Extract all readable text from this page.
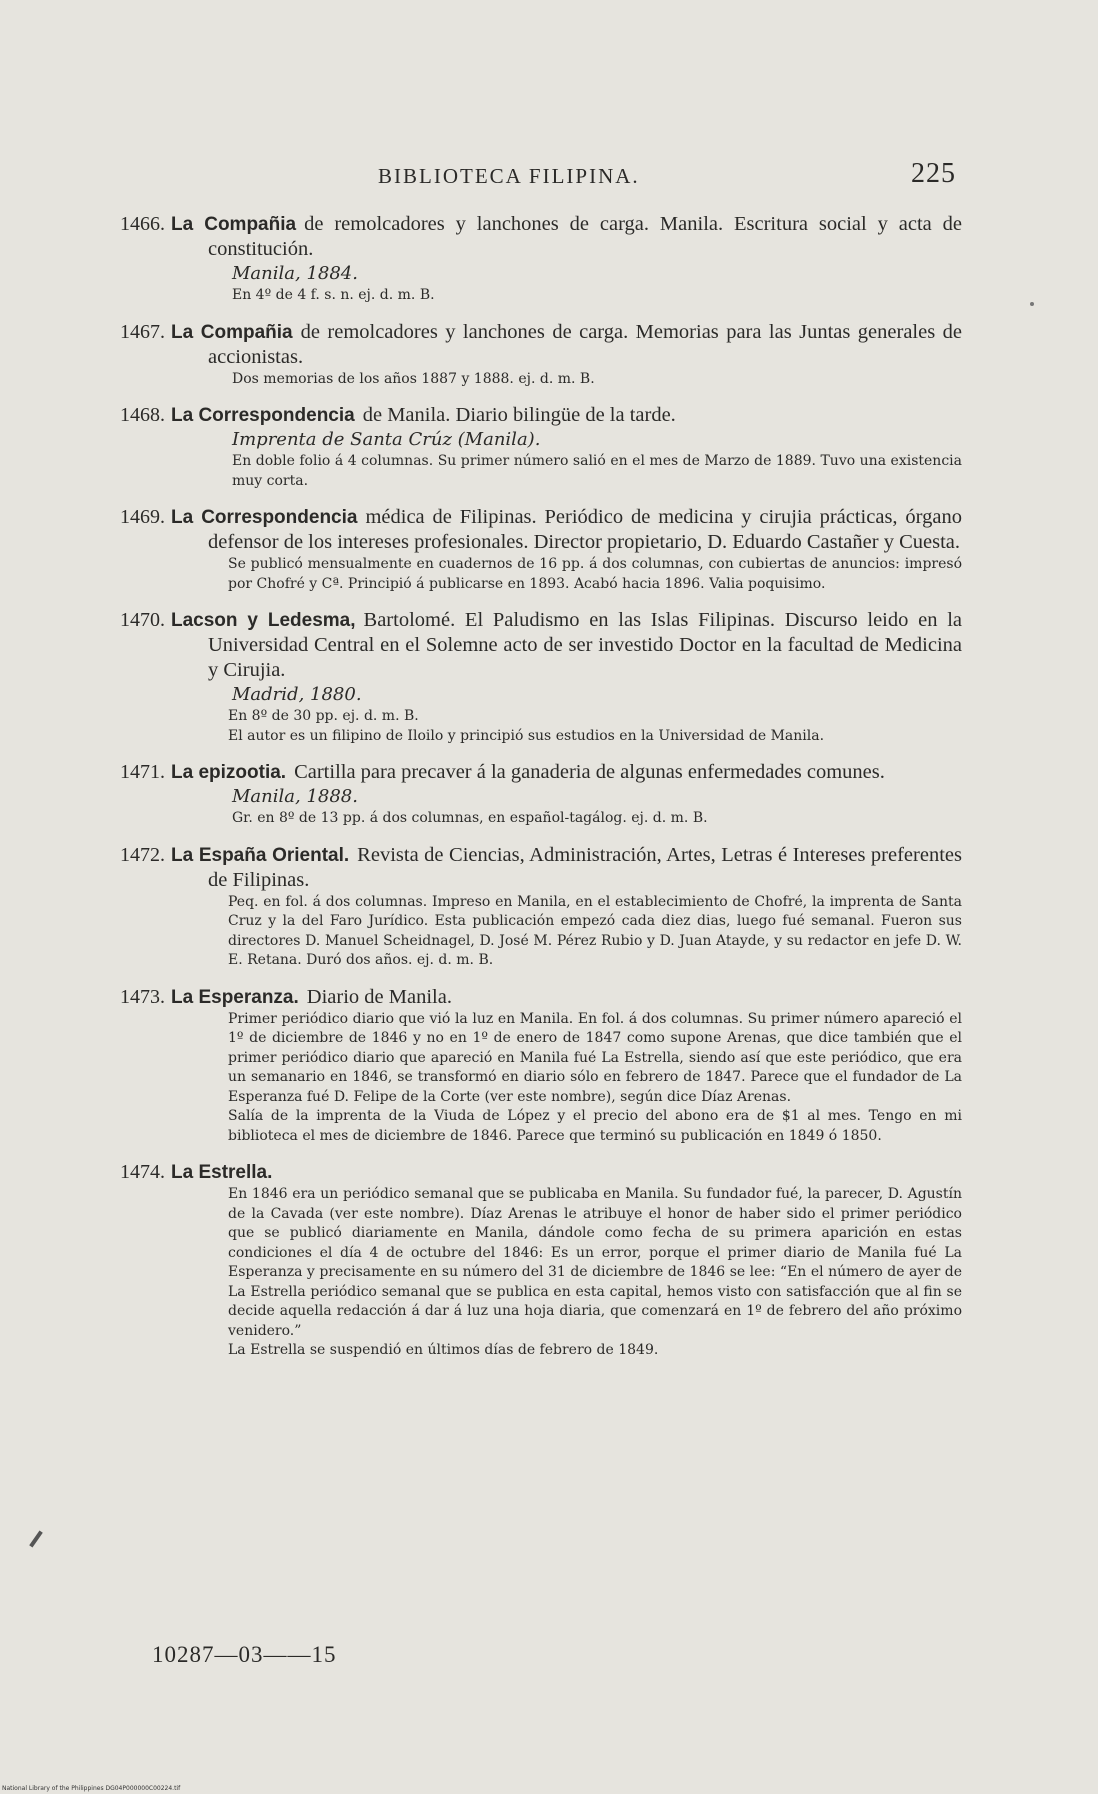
BIBLIOTECA FILIPINA.	225
1466. La Compañia de remolcadores y lanchones de carga. Manila. Escritura social y acta de constitución.
Manila, 1884.
En 4º de 4 f. s. n. ej. d. m. B.
1467. La Compañia de remolcadores y lanchones de carga. Memorias para las Juntas generales de accionistas.
Dos memorias de los años 1887 y 1888. ej. d. m. B.
1468. La Correspondencia de Manila. Diario bilingüe de la tarde.
Imprenta de Santa Crúz (Manila).
En doble folio á 4 columnas. Su primer número salió en el mes de Marzo de 1889. Tuvo una existencia muy corta.
1469. La Correspondencia médica de Filipinas. Periódico de medicina y cirujia prácticas, órgano defensor de los intereses profesionales. Director propietario, D. Eduardo Castañer y Cuesta.
Se publicó mensualmente en cuadernos de 16 pp. á dos columnas, con cubiertas de anuncios: impresó por Chofré y Cª. Principió á publicarse en 1893. Acabó hacia 1896. Valia poquisimo.
1470. Lacson y Ledesma, Bartolomé. El Paludismo en las Islas Filipinas. Discurso leido en la Universidad Central en el Solemne acto de ser investido Doctor en la facultad de Medicina y Cirujia.
Madrid, 1880.
En 8º de 30 pp. ej. d. m. B.
El autor es un filipino de Iloilo y principió sus estudios en la Universidad de Manila.
1471. La epizootia. Cartilla para precaver á la ganaderia de algunas enfermedades comunes.
Manila, 1888.
Gr. en 8º de 13 pp. á dos columnas, en español-tagálog. ej. d. m. B.
1472. La España Oriental. Revista de Ciencias, Administración, Artes, Letras é Intereses preferentes de Filipinas.
Peq. en fol. á dos columnas. Impreso en Manila, en el establecimiento de Chofré, la imprenta de Santa Cruz y la del Faro Jurídico. Esta publicación empezó cada diez dias, luego fué semanal. Fueron sus directores D. Manuel Scheidnagel, D. José M. Pérez Rubio y D. Juan Atayde, y su redactor en jefe D. W. E. Retana. Duró dos años. ej. d. m. B.
1473. La Esperanza. Diario de Manila.
Primer periódico diario que vió la luz en Manila. En fol. á dos columnas. Su primer número apareció el 1º de diciembre de 1846 y no en 1º de enero de 1847 como supone Arenas, que dice también que el primer periódico diario que apareció en Manila fué La Estrella, siendo así que este periódico, que era un semanario en 1846, se transformó en diario sólo en febrero de 1847. Parece que el fundador de La Esperanza fué D. Felipe de la Corte (ver este nombre), según dice Díaz Arenas.
Salía de la imprenta de la Viuda de López y el precio del abono era de $1 al mes. Tengo en mi biblioteca el mes de diciembre de 1846. Parece que terminó su publicación en 1849 ó 1850.
1474. La Estrella.
En 1846 era un periódico semanal que se publicaba en Manila. Su fundador fué, la parecer, D. Agustín de la Cavada (ver este nombre). Díaz Arenas le atribuye el honor de haber sido el primer periódico que se publicó diariamente en Manila, dándole como fecha de su primera aparición en estas condiciones el día 4 de octubre del 1846: Es un error, porque el primer diario de Manila fué La Esperanza y precisamente en su número del 31 de diciembre de 1846 se lee: “En el número de ayer de La Estrella periódico semanal que se publica en esta capital, hemos visto con satisfacción que al fin se decide aquella redacción á dar á luz una hoja diaria, que comenzará en 1º de febrero del año próximo venidero.”
La Estrella se suspendió en últimos días de febrero de 1849.
10287—03——15
National Library of the Philippines DG04P000000C00224.tif
